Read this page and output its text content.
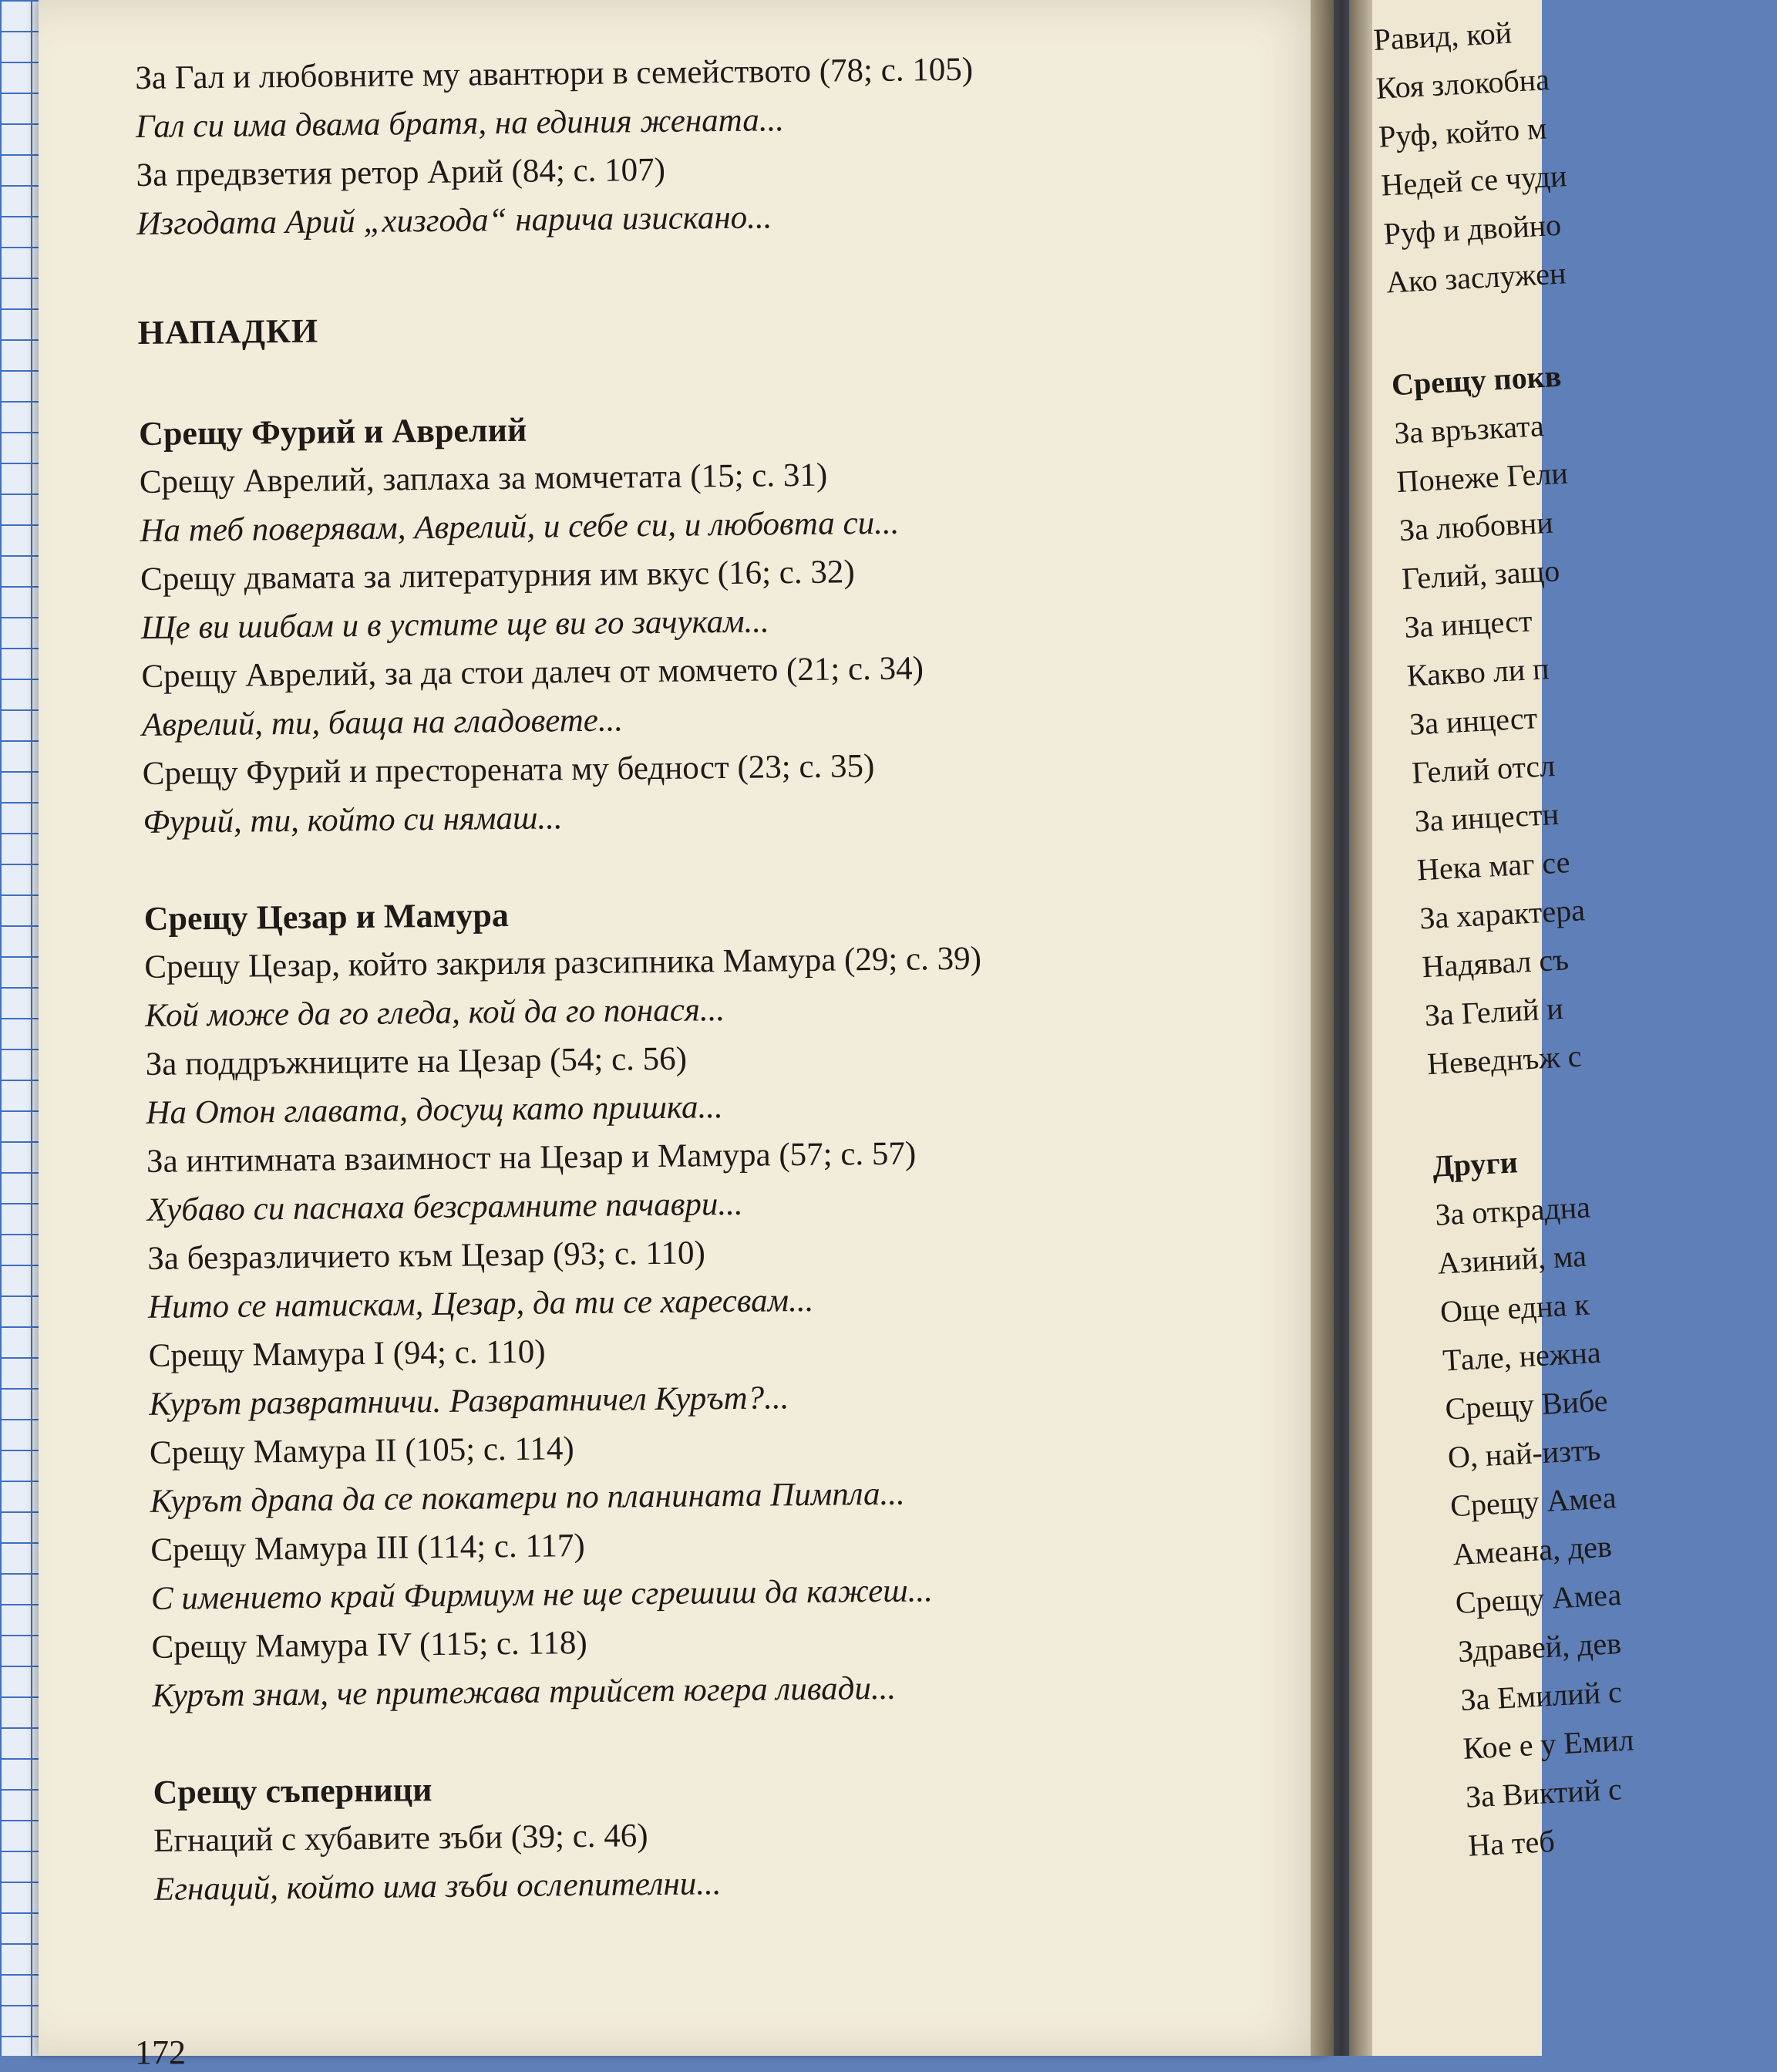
Равид, кой
Коя злокобна
Руф, който м
Недей се чуди
Руф и двойно
Ако заслужен
Срещу покв
За връзката
Понеже Гели
За любовни
Гелий, защо
За инцест
Какво ли п
За инцест
Гелий отсл
За инцестн
Нека маг се
За характера
Надявал съ
За Гелий и
Неведнъж с
Други
За открадна
Азиний, ма
Още една к
Тале, нежна
Срещу Вибе
О, най-изтъ
Срещу Амеа
Амеана, дев
Срещу Амеа
Здравей, дев
За Емилий с
Кое е у Емил
За Виктий с
На теб
За Гал и любовните му авантюри в семейството (78; с. 105)
Гал си има двама братя, на единия жената...
За предвзетия ретор Арий (84; с. 107)
Изгодата Арий „хизгода“ нарича изискано...
НАПАДКИ
Срещу Фурий и Аврелий
Срещу Аврелий, заплаха за момчетата (15; с. 31)
На теб поверявам, Аврелий, и себе си, и любовта си...
Срещу двамата за литературния им вкус (16; с. 32)
Ще ви шибам и в устите ще ви го зачукам...
Срещу Аврелий, за да стои далеч от момчето (21; с. 34)
Аврелий, ти, баща на гладовете...
Срещу Фурий и престорената му бедност (23; с. 35)
Фурий, ти, който си нямаш...
Срещу Цезар и Мамура
Срещу Цезар, който закриля разсипника Мамура (29; с. 39)
Кой може да го гледа, кой да го понася...
За поддръжниците на Цезар (54; с. 56)
На Отон главата, досущ като пришка...
За интимната взаимност на Цезар и Мамура (57; с. 57)
Хубаво си паснаха безсрамните пачаври...
За безразличието към Цезар (93; с. 110)
Нито се натискам, Цезар, да ти се харесвам...
Срещу Мамура I (94; с. 110)
Курът развратничи. Развратничел Курът?...
Срещу Мамура II (105; с. 114)
Курът драпа да се покатери по планината Пимпла...
Срещу Мамура III (114; с. 117)
С имението край Фирмиум не ще сгрешиш да кажеш...
Срещу Мамура IV (115; с. 118)
Курът знам, че притежава трийсет югера ливади...
Срещу съперници
Егнаций с хубавите зъби (39; с. 46)
Егнаций, който има зъби ослепителни...
172
